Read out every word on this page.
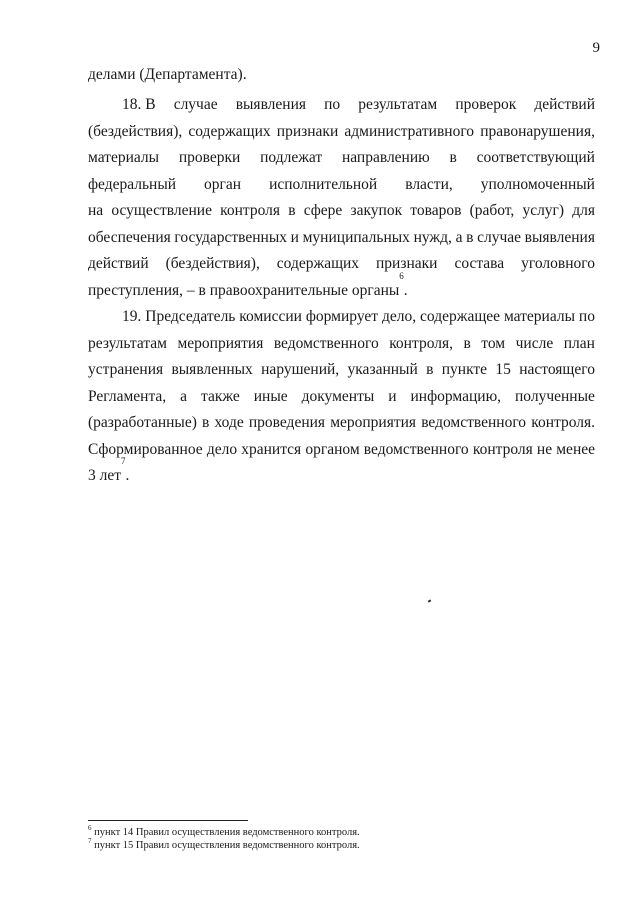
9
делами (Департамента).
18. В случае выявления по результатам проверок действий
(бездействия), содержащих признаки административного правонарушения,
материалы проверки подлежат направлению в соответствующий
федеральный орган исполнительной власти, уполномоченный
на осуществление контроля в сфере закупок товаров (работ, услуг) для
обеспечения государственных и муниципальных нужд, а в случае выявления
действий (бездействия), содержащих признаки состава уголовного
преступления, – в правоохранительные органы
$^6$
.
19. Председатель комиссии формирует дело, содержащее материалы по
результатам мероприятия ведомственного контроля, в том числе план
устранения выявленных нарушений, указанный в пункте 15 настоящего
Регламента, а также иные документы и информацию, полученные
(разработанные) в ходе проведения мероприятия ведомственного контроля.
Сформированное дело хранится органом ведомственного контроля не менее
3 лет
$^7$
.
$^6$ пункт 14 Правил осуществления ведомственного контроля.
$^7$ пункт 15 Правил осуществления ведомственного контроля.
